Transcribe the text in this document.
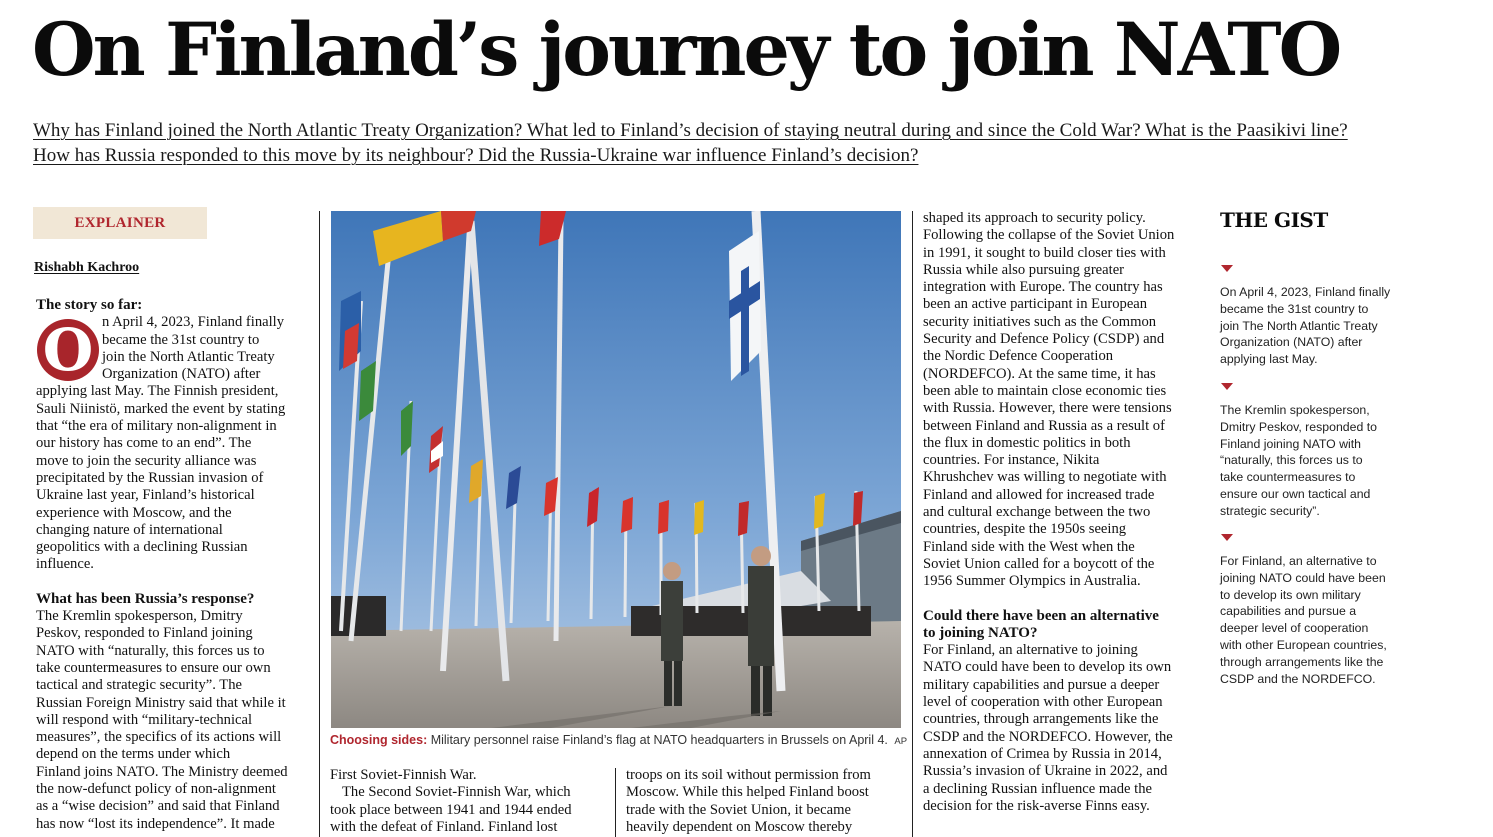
On Finland’s journey to join NATO
Why has Finland joined the North Atlantic Treaty Organization? What led to Finland’s decision of staying neutral during and since the Cold War? What is the Paasikivi line?
How has Russia responded to this move by its neighbour? Did the Russia-Ukraine war influence Finland’s decision?
EXPLAINER
Rishabh Kachroo
O
The story so far:
n April 4, 2023, Finland finally
became the 31st country to
join the North Atlantic Treaty
Organization (NATO) after
applying last May. The Finnish president,
Sauli Niinistö, marked the event by stating
that “the era of military non-alignment in
our history has come to an end”. The
move to join the security alliance was
precipitated by the Russian invasion of
Ukraine last year, Finland’s historical
experience with Moscow, and the
changing nature of international
geopolitics with a declining Russian
influence.
What has been Russia’s response?
The Kremlin spokesperson, Dmitry
Peskov, responded to Finland joining
NATO with “naturally, this forces us to
take countermeasures to ensure our own
tactical and strategic security”. The
Russian Foreign Ministry said that while it
will respond with “military-technical
measures”, the specifics of its actions will
depend on the terms under which
Finland joins NATO. The Ministry deemed
the now-defunct policy of non-alignment
as a “wise decision” and said that Finland
has now “lost its independence”. It made
Choosing sides: Military personnel raise Finland’s flag at NATO headquarters in Brussels on April 4. AP
First Soviet-Finnish War.
The Second Soviet-Finnish War, which
took place between 1941 and 1944 ended
with the defeat of Finland. Finland lost
troops on its soil without permission from
Moscow. While this helped Finland boost
trade with the Soviet Union, it became
heavily dependent on Moscow thereby
shaped its approach to security policy.
Following the collapse of the Soviet Union
in 1991, it sought to build closer ties with
Russia while also pursuing greater
integration with Europe. The country has
been an active participant in European
security initiatives such as the Common
Security and Defence Policy (CSDP) and
the Nordic Defence Cooperation
(NORDEFCO). At the same time, it has
been able to maintain close economic ties
with Russia. However, there were tensions
between Finland and Russia as a result of
the flux in domestic politics in both
countries. For instance, Nikita
Khrushchev was willing to negotiate with
Finland and allowed for increased trade
and cultural exchange between the two
countries, despite the 1950s seeing
Finland side with the West when the
Soviet Union called for a boycott of the
1956 Summer Olympics in Australia.
Could there have been an alternative
to joining NATO?
For Finland, an alternative to joining
NATO could have been to develop its own
military capabilities and pursue a deeper
level of cooperation with other European
countries, through arrangements like the
CSDP and the NORDEFCO. However, the
annexation of Crimea by Russia in 2014,
Russia’s invasion of Ukraine in 2022, and
a declining Russian influence made the
decision for the risk-averse Finns easy.
THE GIST
On April 4, 2023, Finland finally
became the 31st country to
join The North Atlantic Treaty
Organization (NATO) after
applying last May.
The Kremlin spokesperson,
Dmitry Peskov, responded to
Finland joining NATO with
“naturally, this forces us to
take countermeasures to
ensure our own tactical and
strategic security”.
For Finland, an alternative to
joining NATO could have been
to develop its own military
capabilities and pursue a
deeper level of cooperation
with other European countries,
through arrangements like the
CSDP and the NORDEFCO.
